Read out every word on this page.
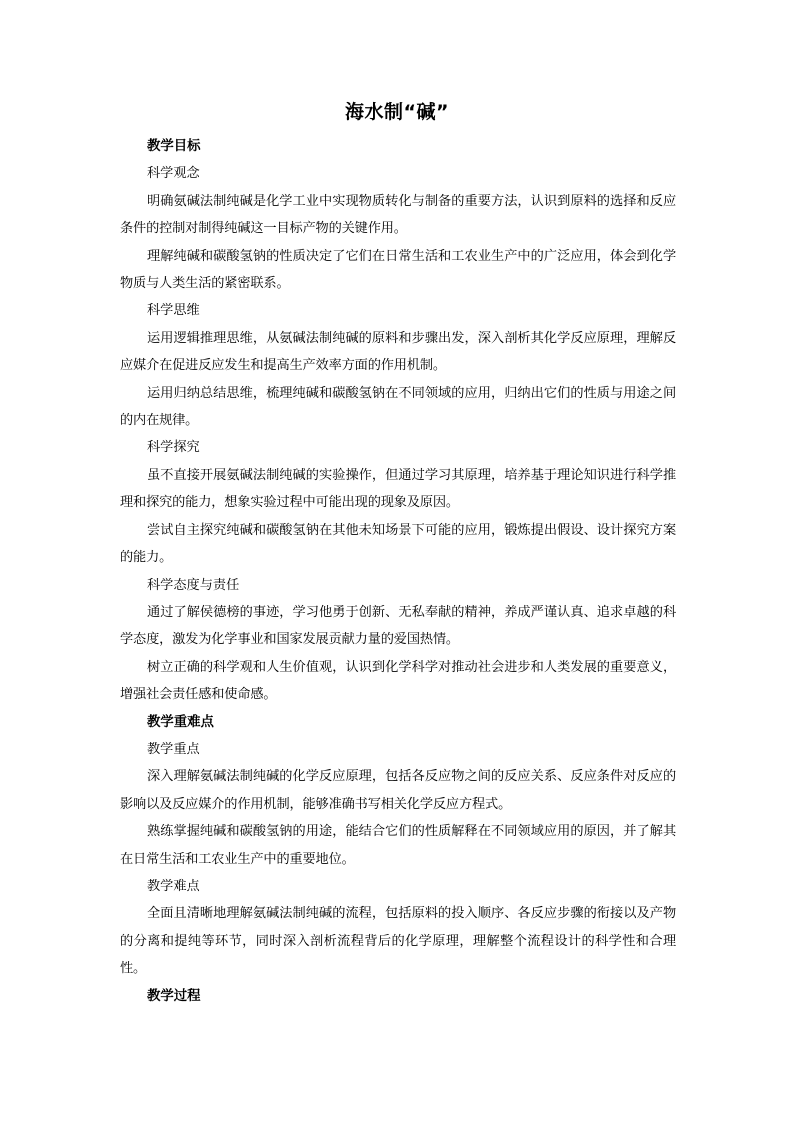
海水制“碱”
教学目标
科学观念

明确氨碱法制纯碱是化学工业中实现物质转化与制备的重要方法，认识到原料的选择和反应条件的控制对制得纯碱这一目标产物的关键作用。

理解纯碱和碳酸氢钠的性质决定了它们在日常生活和工农业生产中的广泛应用，体会到化学物质与人类生活的紧密联系。

科学思维

运用逻辑推理思维，从氨碱法制纯碱的原料和步骤出发，深入剖析其化学反应原理，理解反应媒介在促进反应发生和提高生产效率方面的作用机制。

运用归纳总结思维，梳理纯碱和碳酸氢钠在不同领域的应用，归纳出它们的性质与用途之间的内在规律。

科学探究

虽不直接开展氨碱法制纯碱的实验操作，但通过学习其原理，培养基于理论知识进行科学推理和探究的能力，想象实验过程中可能出现的现象及原因。

尝试自主探究纯碱和碳酸氢钠在其他未知场景下可能的应用，锻炼提出假设、设计探究方案的能力。

科学态度与责任

通过了解侯德榜的事迹，学习他勇于创新、无私奉献的精神，养成严谨认真、追求卓越的科学态度，激发为化学事业和国家发展贡献力量的爱国热情。

树立正确的科学观和人生价值观，认识到化学科学对推动社会进步和人类发展的重要意义，增强社会责任感和使命感。

教学重难点
教学重点

深入理解氨碱法制纯碱的化学反应原理，包括各反应物之间的反应关系、反应条件对反应的影响以及反应媒介的作用机制，能够准确书写相关化学反应方程式。

熟练掌握纯碱和碳酸氢钠的用途，能结合它们的性质解释在不同领域应用的原因，并了解其在日常生活和工农业生产中的重要地位。

教学难点

全面且清晰地理解氨碱法制纯碱的流程，包括原料的投入顺序、各反应步骤的衔接以及产物的分离和提纯等环节，同时深入剖析流程背后的化学原理，理解整个流程设计的科学性和合理性。

教学过程
